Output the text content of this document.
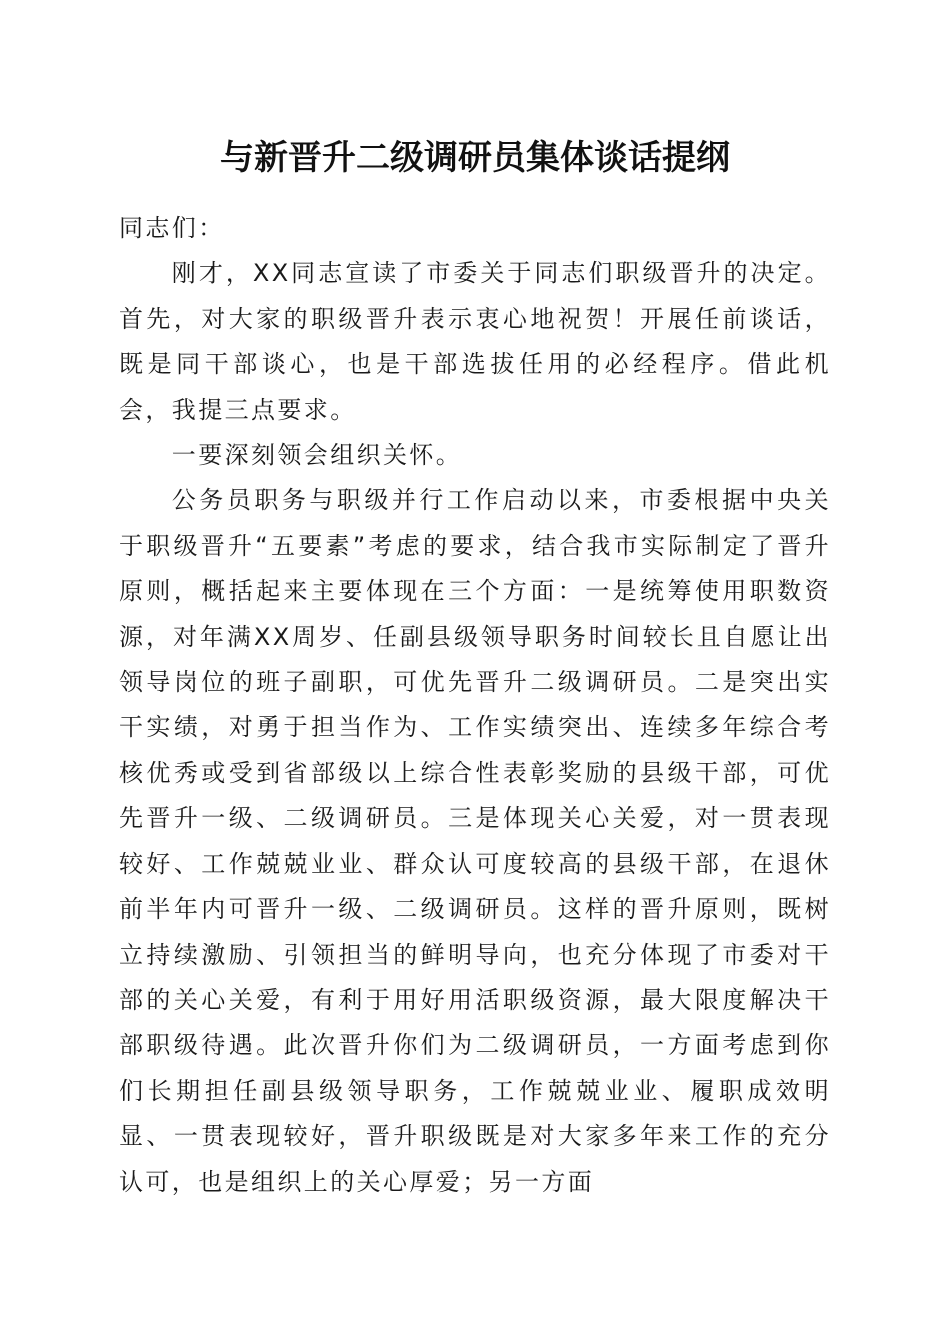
与新晋升二级调研员集体谈话提纲

同志们：

刚才，XX同志宣读了市委关于同志们职级晋升的决定。首先，对大家的职级晋升表示衷心地祝贺！开展任前谈话，既是同干部谈心，也是干部选拔任用的必经程序。借此机会，我提三点要求。

一要深刻领会组织关怀。

公务员职务与职级并行工作启动以来，市委根据中央关于职级晋升“五要素”考虑的要求，结合我市实际制定了晋升原则，概括起来主要体现在三个方面：一是统筹使用职数资源，对年满XX周岁、任副县级领导职务时间较长且自愿让出领导岗位的班子副职，可优先晋升二级调研员。二是突出实干实绩，对勇于担当作为、工作实绩突出、连续多年综合考核优秀或受到省部级以上综合性表彰奖励的县级干部，可优先晋升一级、二级调研员。三是体现关心关爱，对一贯表现较好、工作兢兢业业、群众认可度较高的县级干部，在退休前半年内可晋升一级、二级调研员。这样的晋升原则，既树立持续激励、引领担当的鲜明导向，也充分体现了市委对干部的关心关爱，有利于用好用活职级资源，最大限度解决干部职级待遇。此次晋升你们为二级调研员，一方面考虑到你们长期担任副县级领导职务，工作兢兢业业、履职成效明显、一贯表现较好，晋升职级既是对大家多年来工作的充分认可，也是组织上的关心厚爱；另一方面
